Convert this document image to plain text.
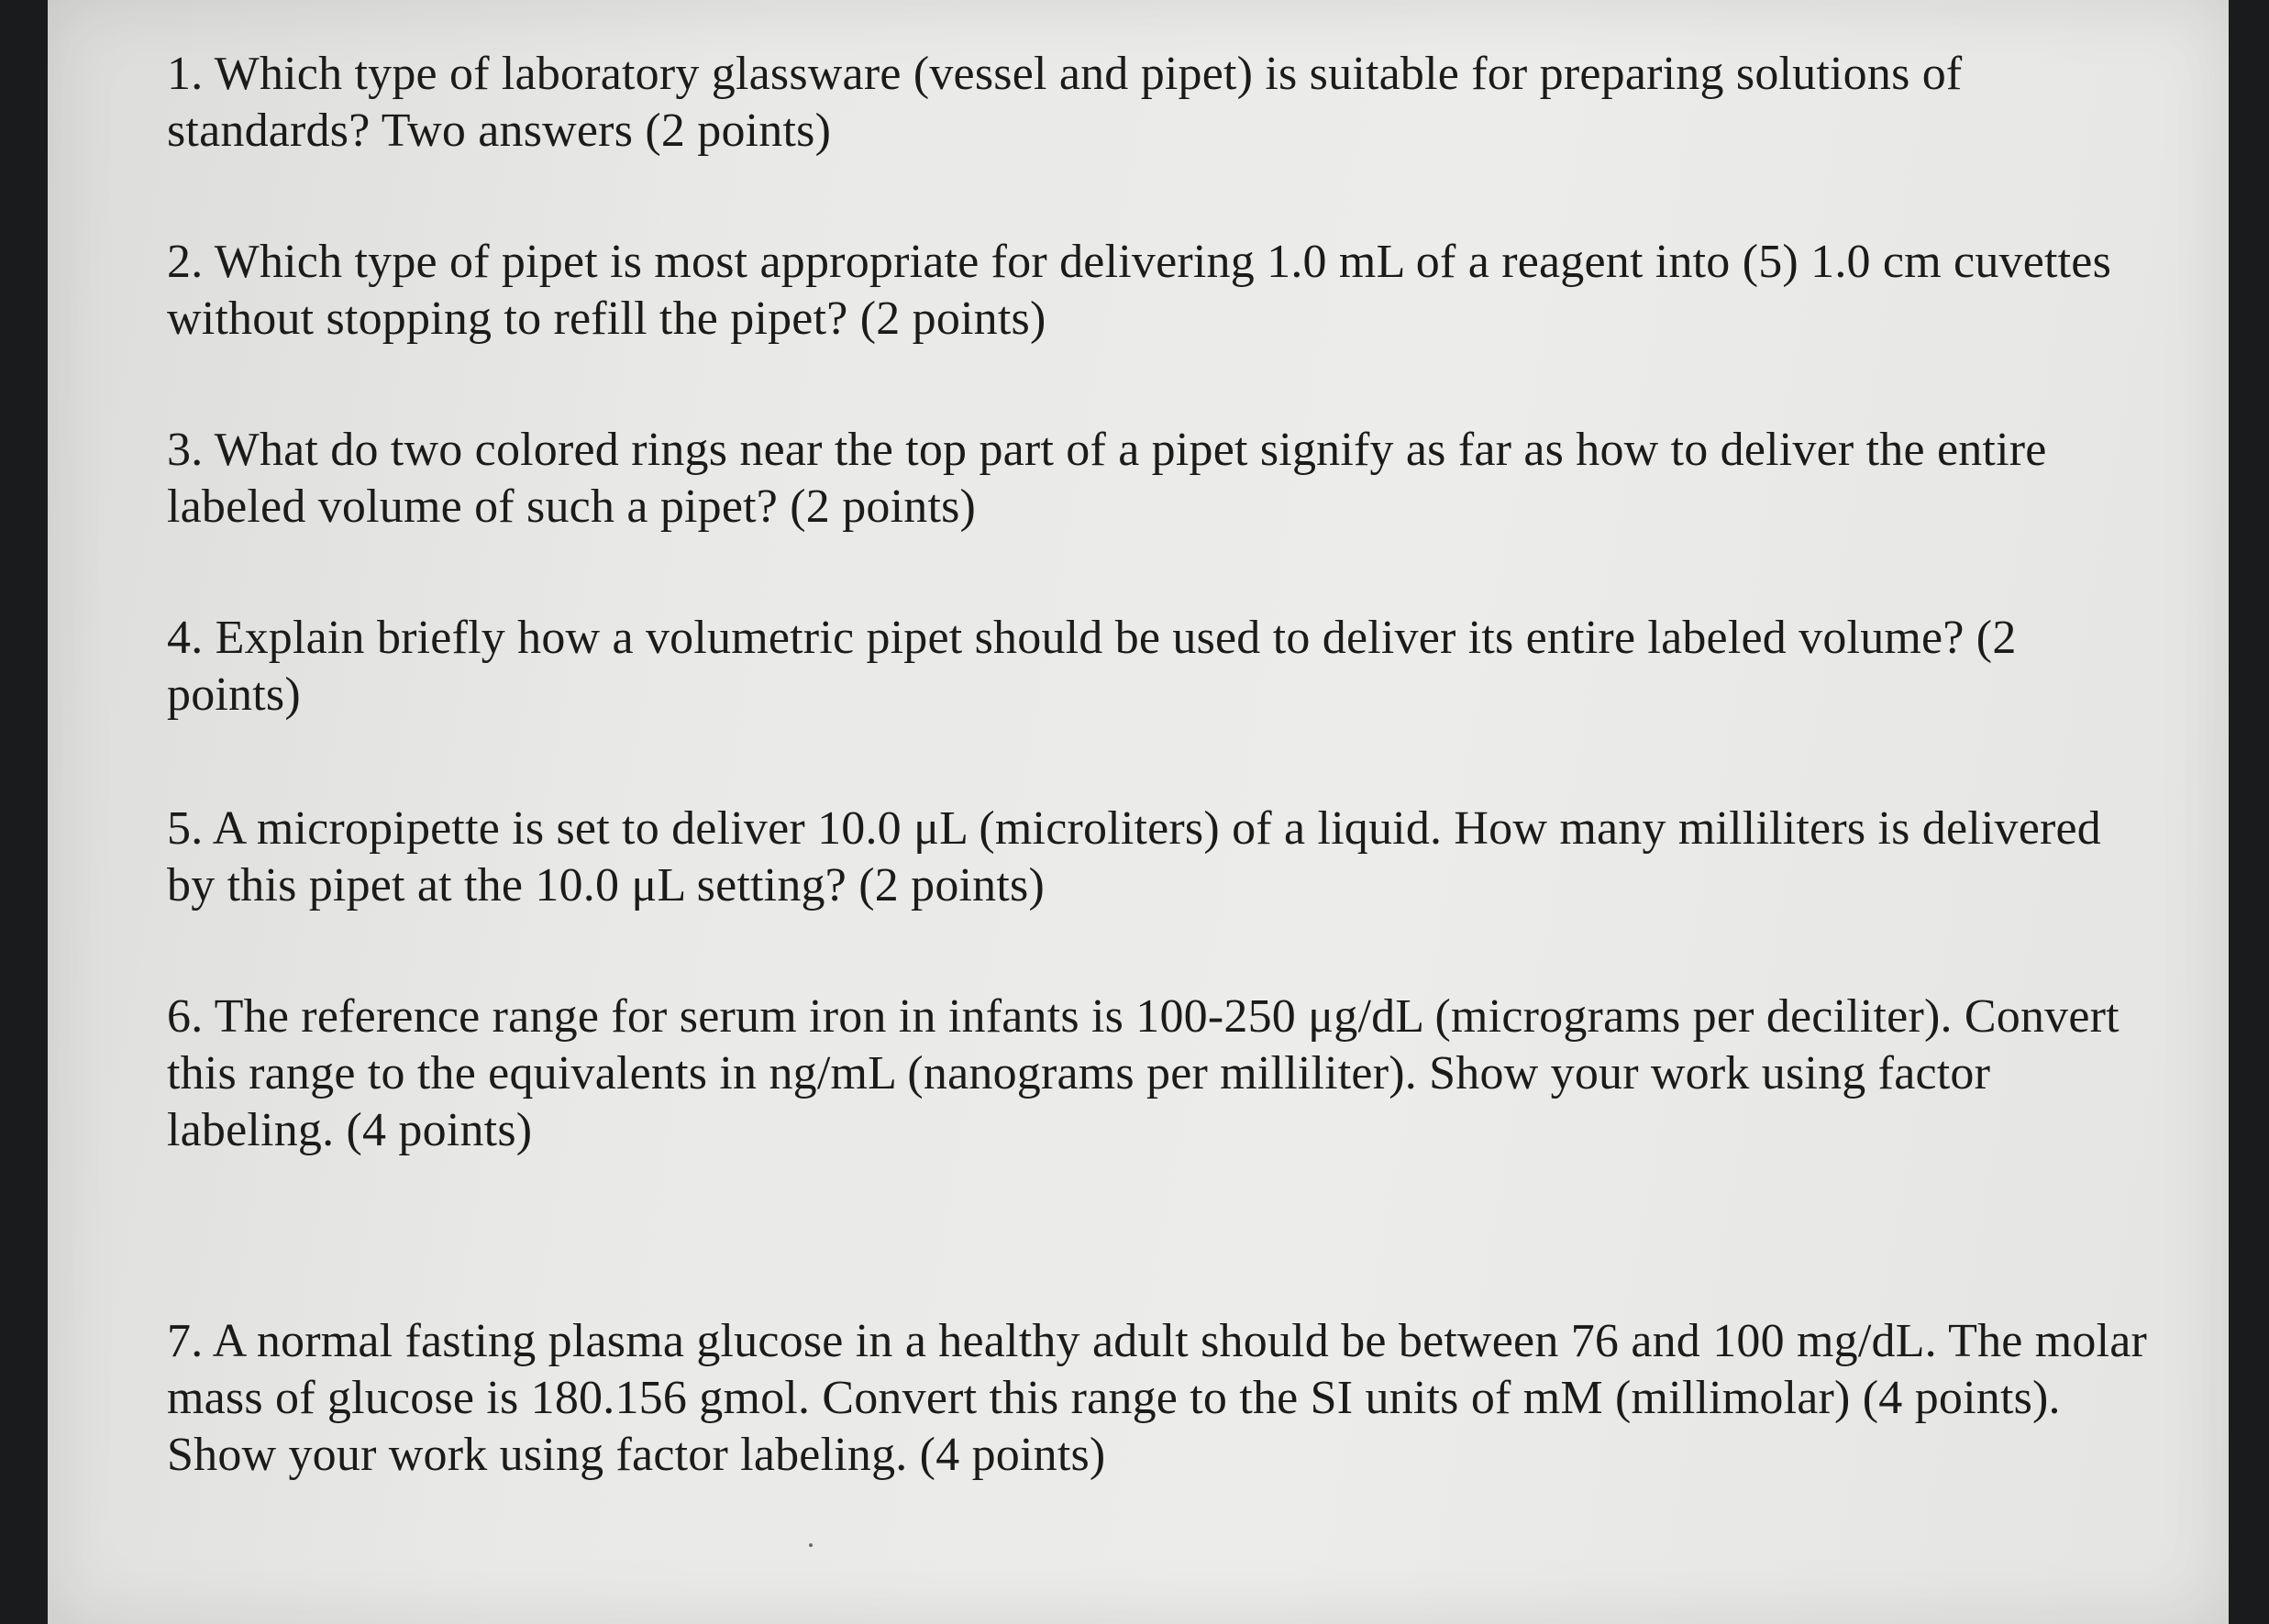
1. Which type of laboratory glassware (vessel and pipet) is suitable for preparing solutions of standards? Two answers (2 points)

2. Which type of pipet is most appropriate for delivering 1.0 mL of a reagent into (5) 1.0 cm cuvettes without stopping to refill the pipet? (2 points)

3. What do two colored rings near the top part of a pipet signify as far as how to deliver the entire labeled volume of such a pipet? (2 points)

4. Explain briefly how a volumetric pipet should be used to deliver its entire labeled volume? (2 points)

5. A micropipette is set to deliver 10.0 μL (microliters) of a liquid. How many milliliters is delivered by this pipet at the 10.0 μL setting? (2 points)

6. The reference range for serum iron in infants is 100-250 μg/dL (micrograms per deciliter). Convert this range to the equivalents in ng/mL (nanograms per milliliter). Show your work using factor labeling. (4 points)

7. A normal fasting plasma glucose in a healthy adult should be between 76 and 100 mg/dL. The molar mass of glucose is 180.156 gmol. Convert this range to the SI units of mM (millimolar) (4 points). Show your work using factor labeling. (4 points)
